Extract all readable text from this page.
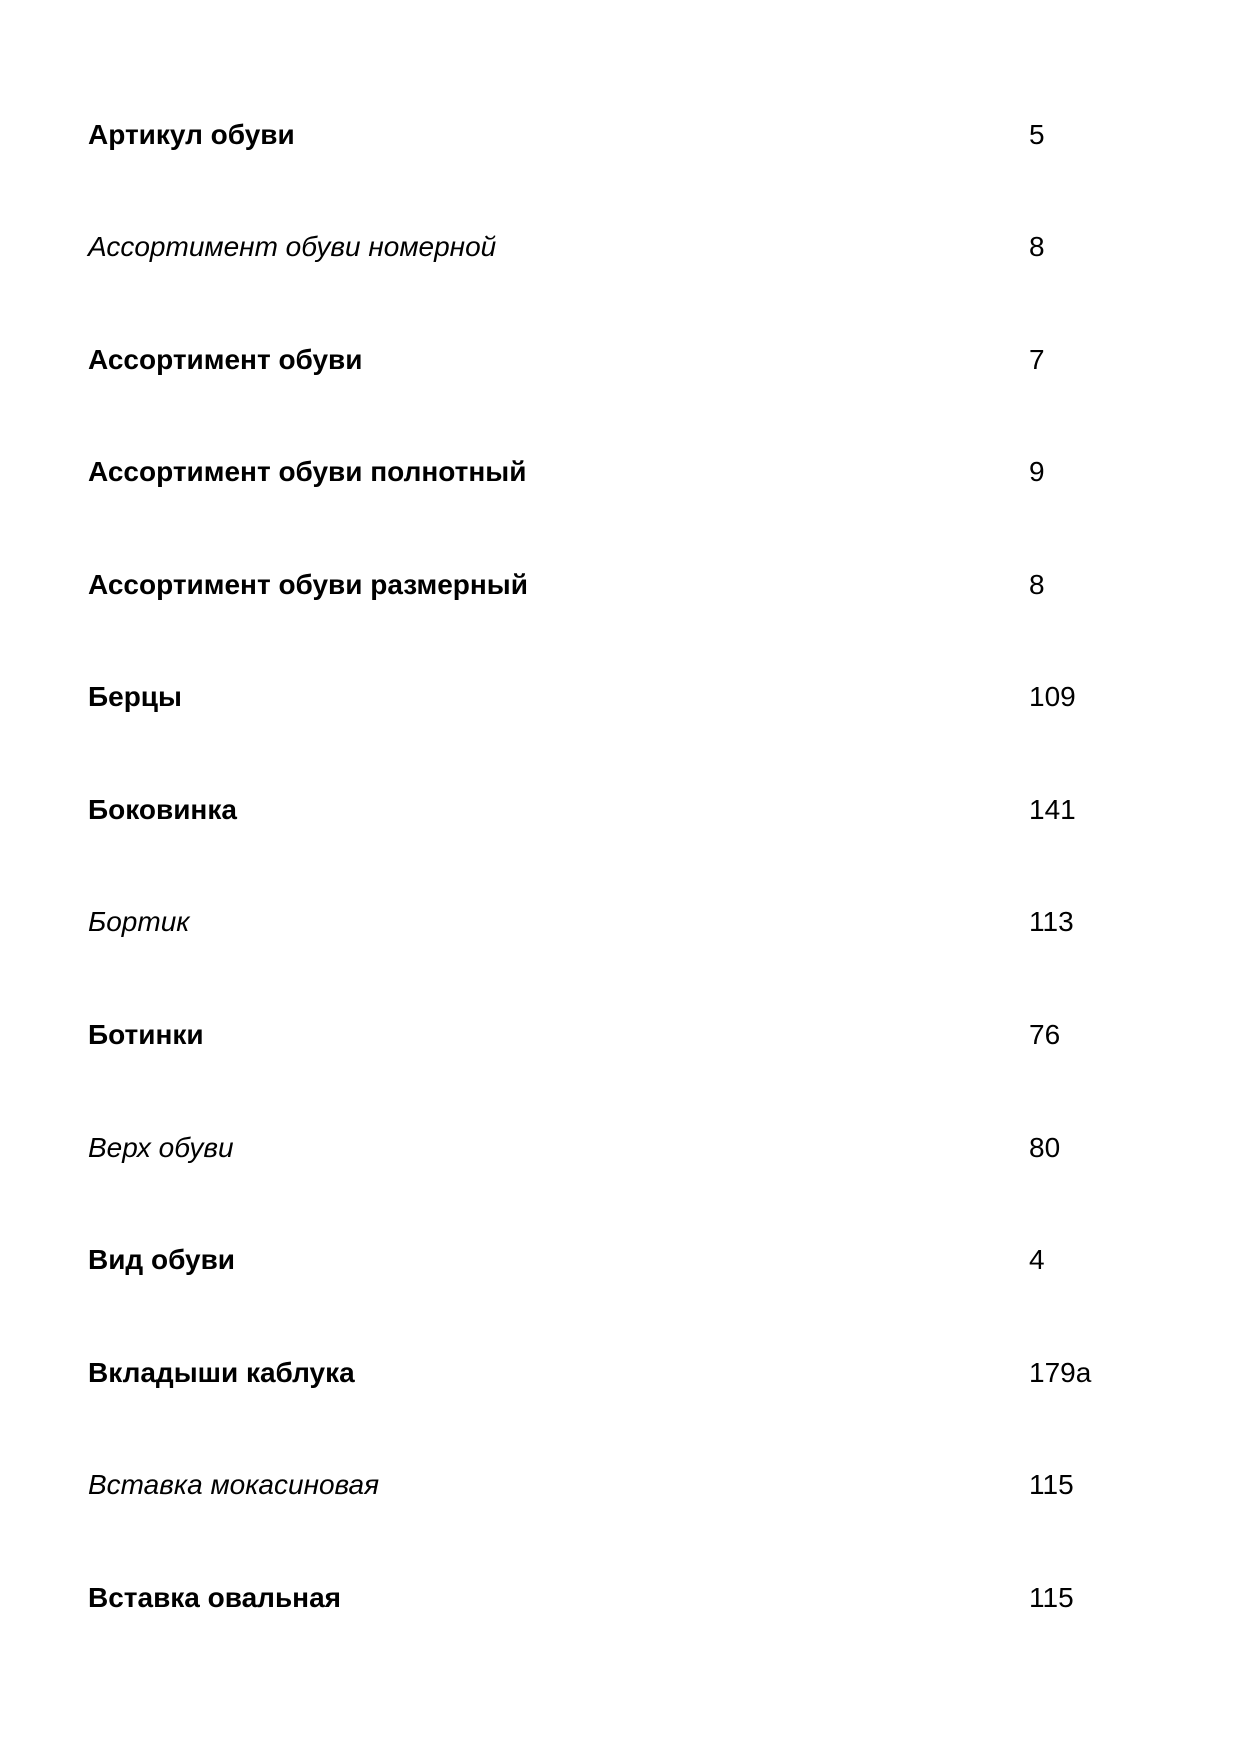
Артикул обуви	5
Ассортимент обуви номерной	8
Ассортимент обуви	7
Ассортимент обуви полнотный	9
Ассортимент обуви размерный	8
Берцы	109
Боковинка	141
Бортик	113
Ботинки	76
Верх обуви	80
Вид обуви	4
Вкладыши каблука	179а
Вставка мокасиновая	115
Вставка овальная	115
